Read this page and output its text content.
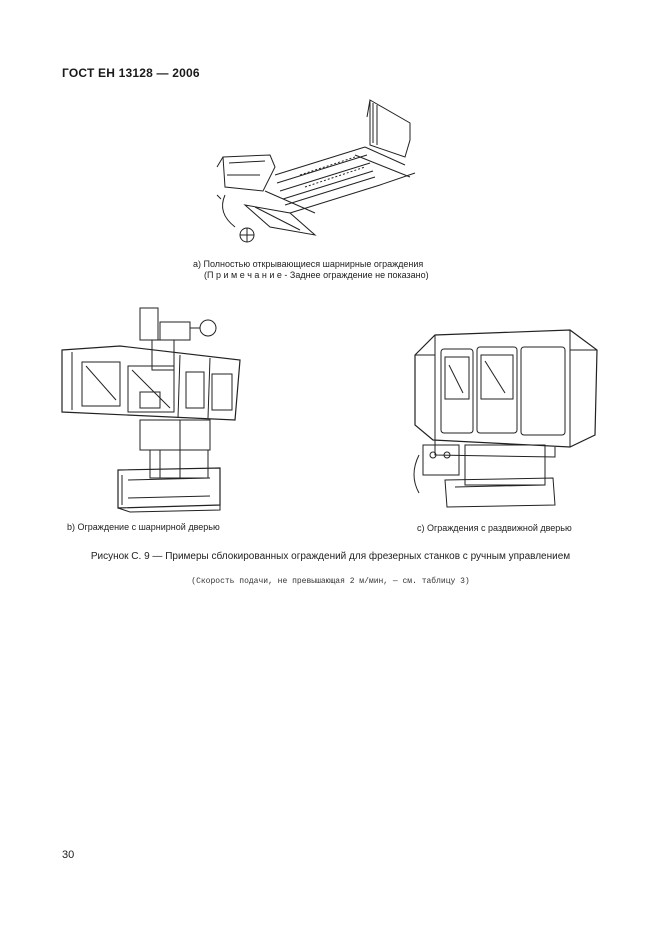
ГОСТ ЕН 13128 — 2006
а) Полностью открывающиеся шарнирные ограждения
(П р и м е ч а н и е - Заднее ограждение не показано)
b) Ограждение с шарнирной дверью	c) Ограждения с раздвижной дверью
Рисунок С. 9 — Примеры сблокированных ограждений для фрезерных станков с ручным управлением
(Скорость подачи, не превышающая 2 м/мин, — см. таблицу 3)
30
